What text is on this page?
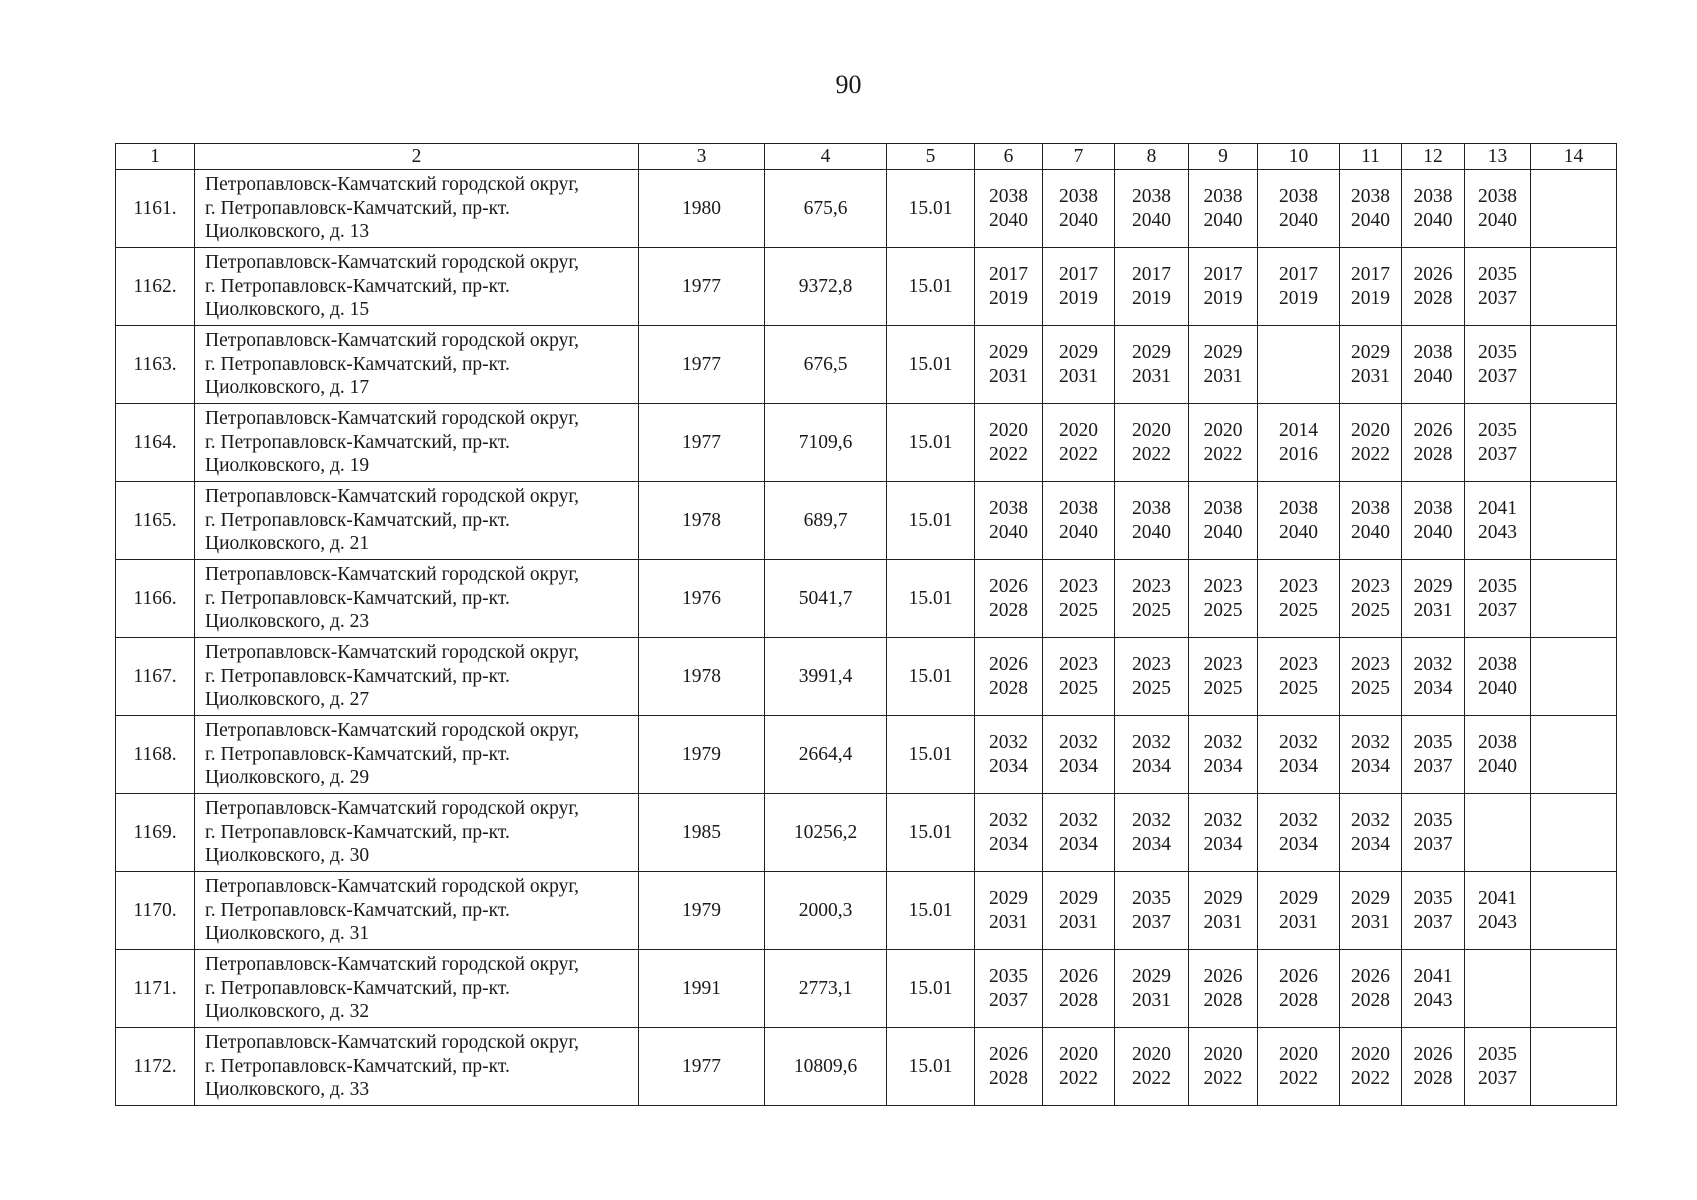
90
1	2	3	4	5	6	7	8	9	10	11	12	13	14
1161.	Петропавловск-Камчатский городской округ,
г. Петропавловск-Камчатский, пр-кт.
Циолковского, д. 13	1980	675,6	15.01	2038
2040	2038
2040	2038
2040	2038
2040	2038
2040	2038
2040	2038
2040	2038
2040	

1162.	Петропавловск-Камчатский городской округ,
г. Петропавловск-Камчатский, пр-кт.
Циолковского, д. 15	1977	9372,8	15.01	2017
2019	2017
2019	2017
2019	2017
2019	2017
2019	2017
2019	2026
2028	2035
2037	

1163.	Петропавловск-Камчатский городской округ,
г. Петропавловск-Камчатский, пр-кт.
Циолковского, д. 17	1977	676,5	15.01	2029
2031	2029
2031	2029
2031	2029
2031		2029
2031	2038
2040	2035
2037	

1164.	Петропавловск-Камчатский городской округ,
г. Петропавловск-Камчатский, пр-кт.
Циолковского, д. 19	1977	7109,6	15.01	2020
2022	2020
2022	2020
2022	2020
2022	2014
2016	2020
2022	2026
2028	2035
2037	

1165.	Петропавловск-Камчатский городской округ,
г. Петропавловск-Камчатский, пр-кт.
Циолковского, д. 21	1978	689,7	15.01	2038
2040	2038
2040	2038
2040	2038
2040	2038
2040	2038
2040	2038
2040	2041
2043	

1166.	Петропавловск-Камчатский городской округ,
г. Петропавловск-Камчатский, пр-кт.
Циолковского, д. 23	1976	5041,7	15.01	2026
2028	2023
2025	2023
2025	2023
2025	2023
2025	2023
2025	2029
2031	2035
2037	

1167.	Петропавловск-Камчатский городской округ,
г. Петропавловск-Камчатский, пр-кт.
Циолковского, д. 27	1978	3991,4	15.01	2026
2028	2023
2025	2023
2025	2023
2025	2023
2025	2023
2025	2032
2034	2038
2040	

1168.	Петропавловск-Камчатский городской округ,
г. Петропавловск-Камчатский, пр-кт.
Циолковского, д. 29	1979	2664,4	15.01	2032
2034	2032
2034	2032
2034	2032
2034	2032
2034	2032
2034	2035
2037	2038
2040	

1169.	Петропавловск-Камчатский городской округ,
г. Петропавловск-Камчатский, пр-кт.
Циолковского, д. 30	1985	10256,2	15.01	2032
2034	2032
2034	2032
2034	2032
2034	2032
2034	2032
2034	2035
2037		

1170.	Петропавловск-Камчатский городской округ,
г. Петропавловск-Камчатский, пр-кт.
Циолковского, д. 31	1979	2000,3	15.01	2029
2031	2029
2031	2035
2037	2029
2031	2029
2031	2029
2031	2035
2037	2041
2043	

1171.	Петропавловск-Камчатский городской округ,
г. Петропавловск-Камчатский, пр-кт.
Циолковского, д. 32	1991	2773,1	15.01	2035
2037	2026
2028	2029
2031	2026
2028	2026
2028	2026
2028	2041
2043		

1172.	Петропавловск-Камчатский городской округ,
г. Петропавловск-Камчатский, пр-кт.
Циолковского, д. 33	1977	10809,6	15.01	2026
2028	2020
2022	2020
2022	2020
2022	2020
2022	2020
2022	2026
2028	2035
2037	
